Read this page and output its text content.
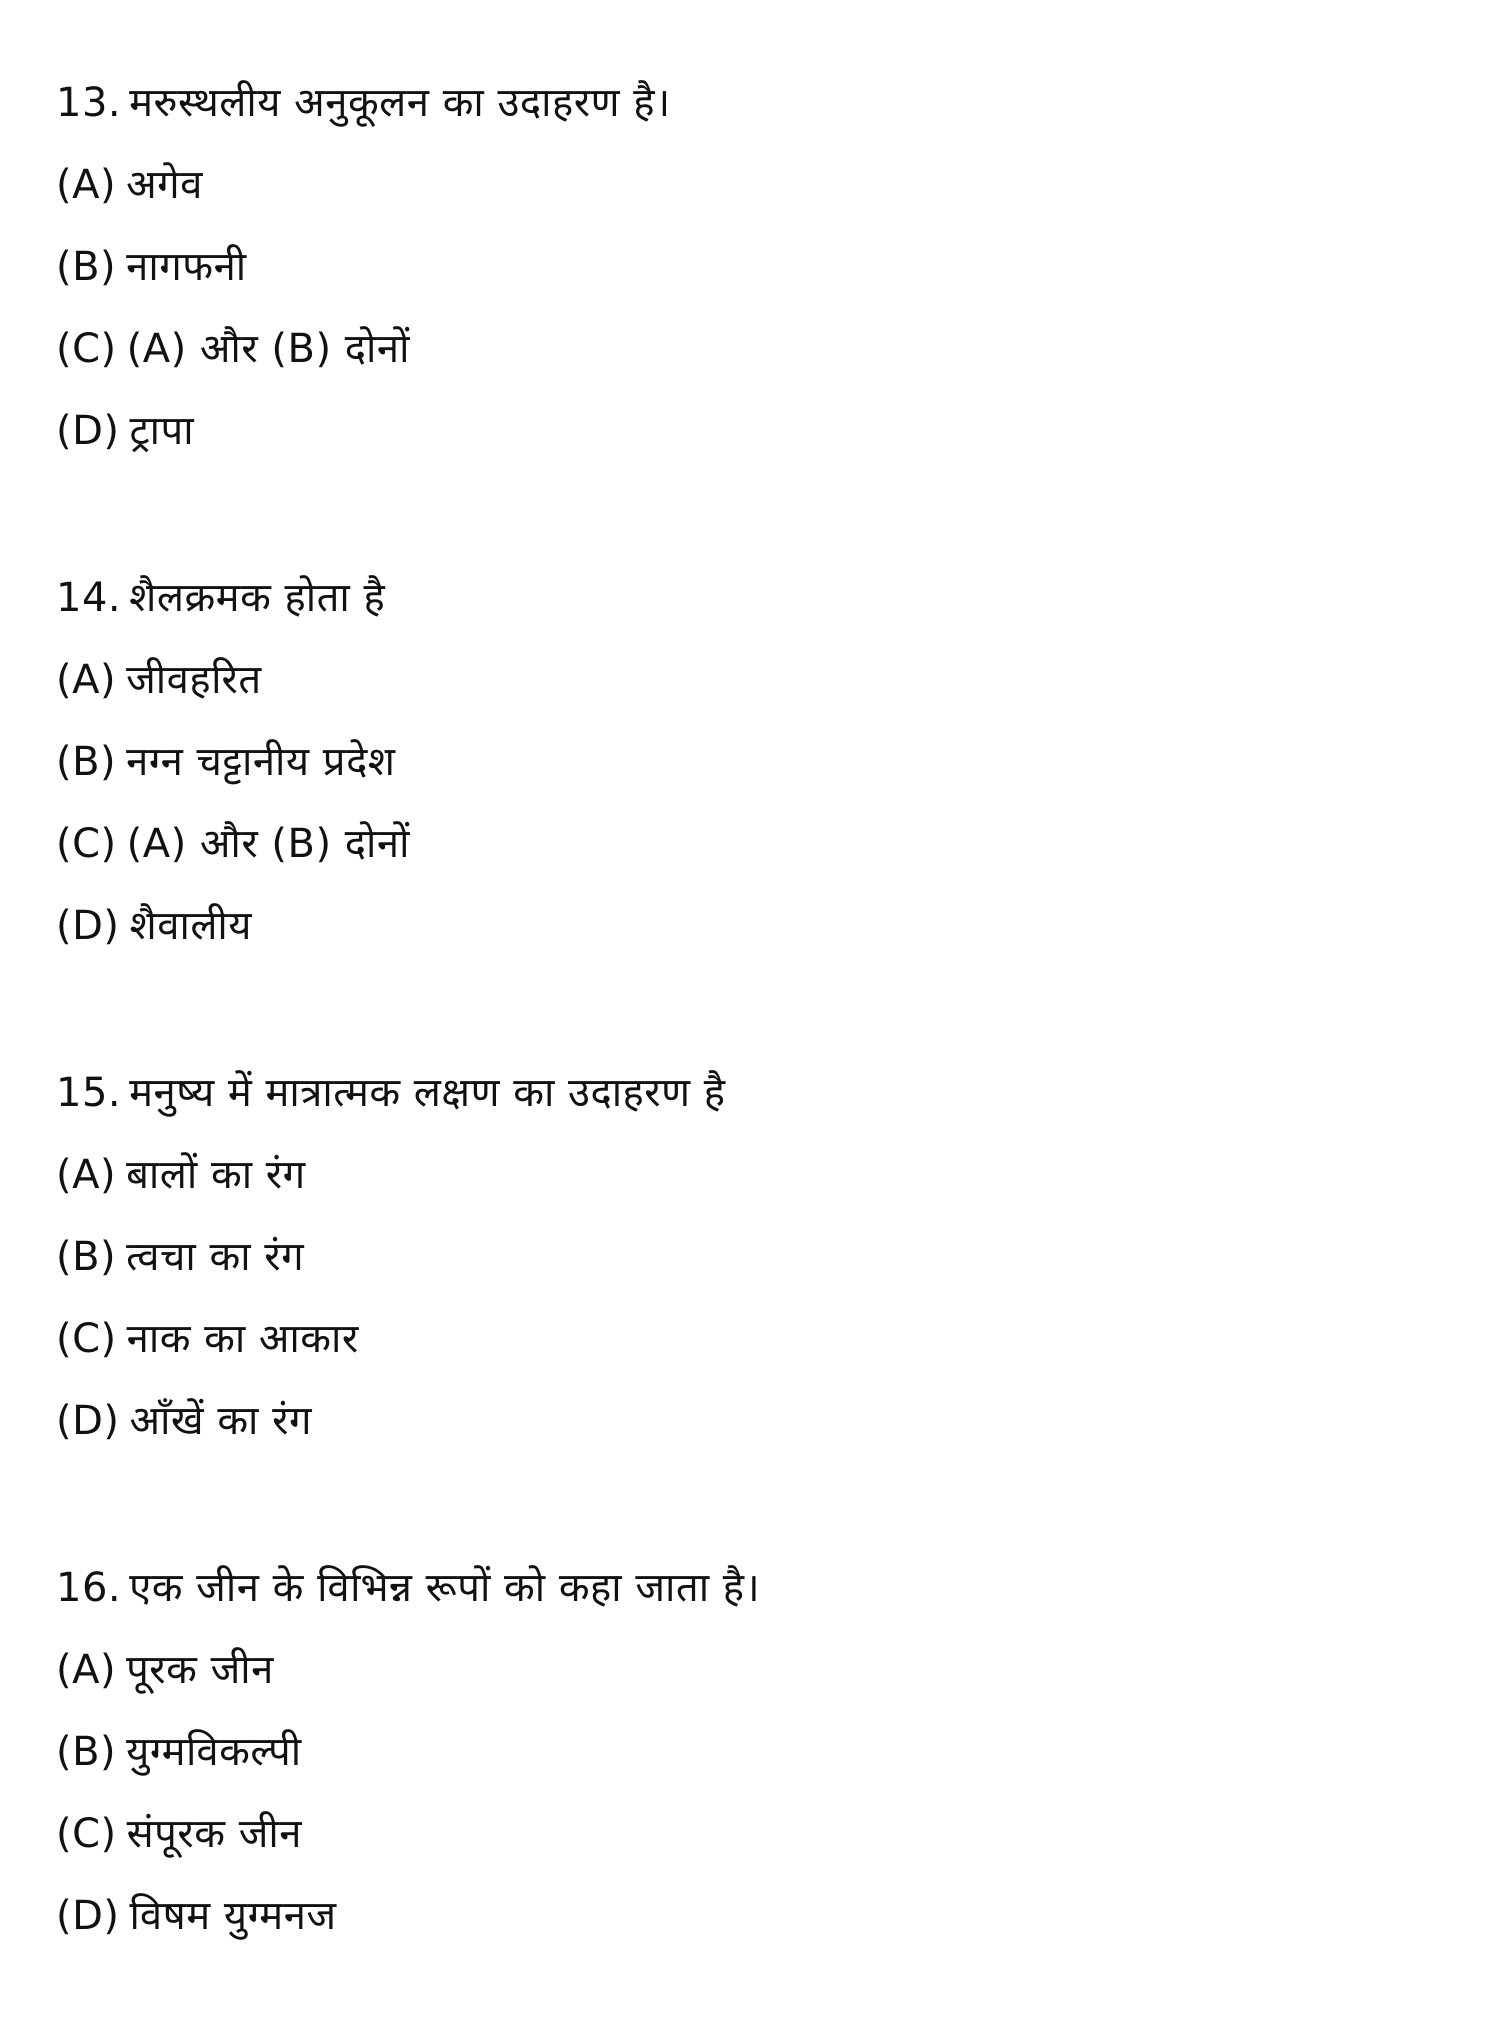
13. मरुस्थलीय अनुकूलन का उदाहरण है।
(A) अगेव
(B) नागफनी
(C) (A) और (B) दोनों
(D) ट्रापा
14. शैलक्रमक होता है
(A) जीवहरित
(B) नग्न चट्टानीय प्रदेश
(C) (A) और (B) दोनों
(D) शैवालीय
15. मनुष्य में मात्रात्मक लक्षण का उदाहरण है
(A) बालों का रंग
(B) त्वचा का रंग
(C) नाक का आकार
(D) आँखें का रंग
16. एक जीन के विभिन्न रूपों को कहा जाता है।
(A) पूरक जीन
(B) युग्मविकल्पी
(C) संपूरक जीन
(D) विषम युग्मनज
